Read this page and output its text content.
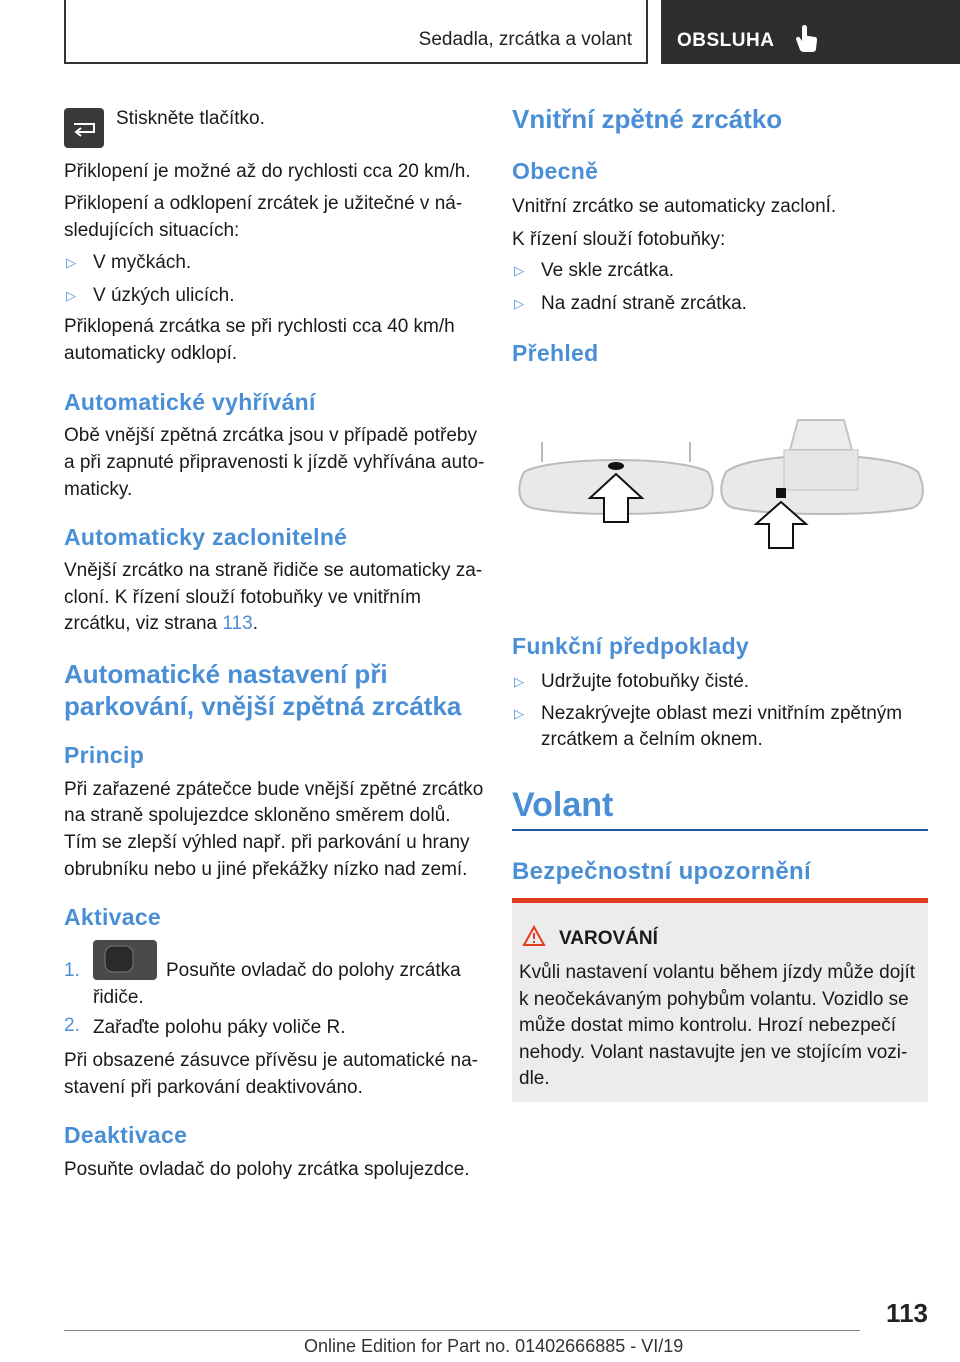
Sedadla, zrcátka a volant OBSLUHA
Stiskněte tlačítko.
Přiklopení je možné až do rychlosti cca 20 km/h.
Přiklopení a odklopení zrcátek je užitečné v ná‐
sledujících situacích:
▷ V myčkách.
▷ V úzkých ulicích.
Přiklopená zrcátka se při rychlosti cca 40 km/h
automaticky odklopí.
Automatické vyhřívání
Obě vnější zpětná zrcátka jsou v případě potřeby
a při zapnuté připravenosti k jízdě vyhřívána auto‐
maticky.
Automaticky zaclonitelné
Vnější zrcátko na straně řidiče se automaticky za‐
cloní. K řízení slouží fotobuňky ve vnitřním
zrcátku, viz strana 113.
Automatické nastavení při
parkování, vnější zpětná zrcátka
Princip
Při zařazené zpátečce bude vnější zpětné zrcátko
na straně spolujezdce skloněno směrem dolů.
Tím se zlepší výhled např. při parkování u hrany
obrubníku nebo u jiné překážky nízko nad zemí.
Aktivace
1.	Posuňte ovladač do polohy zrcátka
řidiče.
2. Zařaďte polohu páky voliče R.
Při obsazené zásuvce přívěsu je automatické na‐
stavení při parkování deaktivováno.
Deaktivace
Posuňte ovladač do polohy zrcátka spolujezdce.
Vnitřní zpětné zrcátko
Obecně
Vnitřní zrcátko se automaticky zaclonÍ.
K řízení slouží fotobuňky:
▷ Ve skle zrcátka.
▷ Na zadní straně zrcátka.
Přehled
Funkční předpoklady
▷ Udržujte fotobuňky čisté.
▷ Nezakrývejte oblast mezi vnitřním zpětným
zrcátkem a čelním oknem.
Volant
Bezpečnostní upozornění
VAROVÁNÍ
Kvůli nastavení volantu během jízdy může dojít
k neočekávaným pohybům volantu. Vozidlo se
může dostat mimo kontrolu. Hrozí nebezpečí
nehody. Volant nastavujte jen ve stojícím vozi‐
dle.
113
Online Edition for Part no. 01402666885 - VI/19
